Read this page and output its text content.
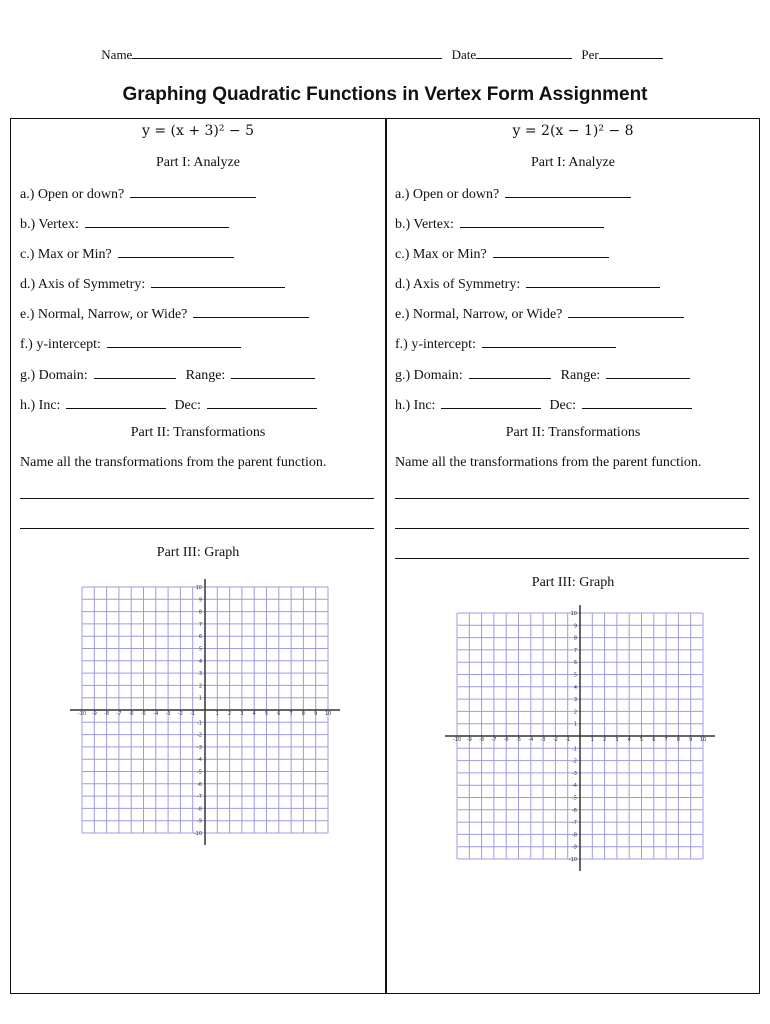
Name	Date	Per
Graphing Quadratic Functions in Vertex Form Assignment
y = (x + 3)² − 5
Part I: Analyze
a.) Open or down?
b.) Vertex:
c.) Max or Min?
d.) Axis of Symmetry:
e.) Normal, Narrow, or Wide?
f.) y-intercept:
g.) Domain:	Range:
h.) Inc:	Dec:
Part II: Transformations
Name all the transformations from the parent function.
Part III: Graph
-10 -9 -8 -7 -6 -5 -4 -3 -2 -1	1 2 3 4 5 6 7 8 9 10
10
9
8
7
6
5
4
3
2
1
-1
-2
-3
-4
-5
-6
-7
-8
-9
-10
y = 2(x − 1)² − 8
Part I: Analyze
a.) Open or down?
b.) Vertex:
c.) Max or Min?
d.) Axis of Symmetry:
e.) Normal, Narrow, or Wide?
f.) y-intercept:
g.) Domain:	Range:
h.) Inc:	Dec:
Part II: Transformations
Name all the transformations from the parent function.
Part III: Graph
-10 -9 -8 -7 -6 -5 -4 -3 -2 -1	1 2 3 4 5 6 7 8 9 10
10
9
8
7
6
5
4
3
2
1
-1
-2
-3
-4
-5
-6
-7
-8
-9
-10
